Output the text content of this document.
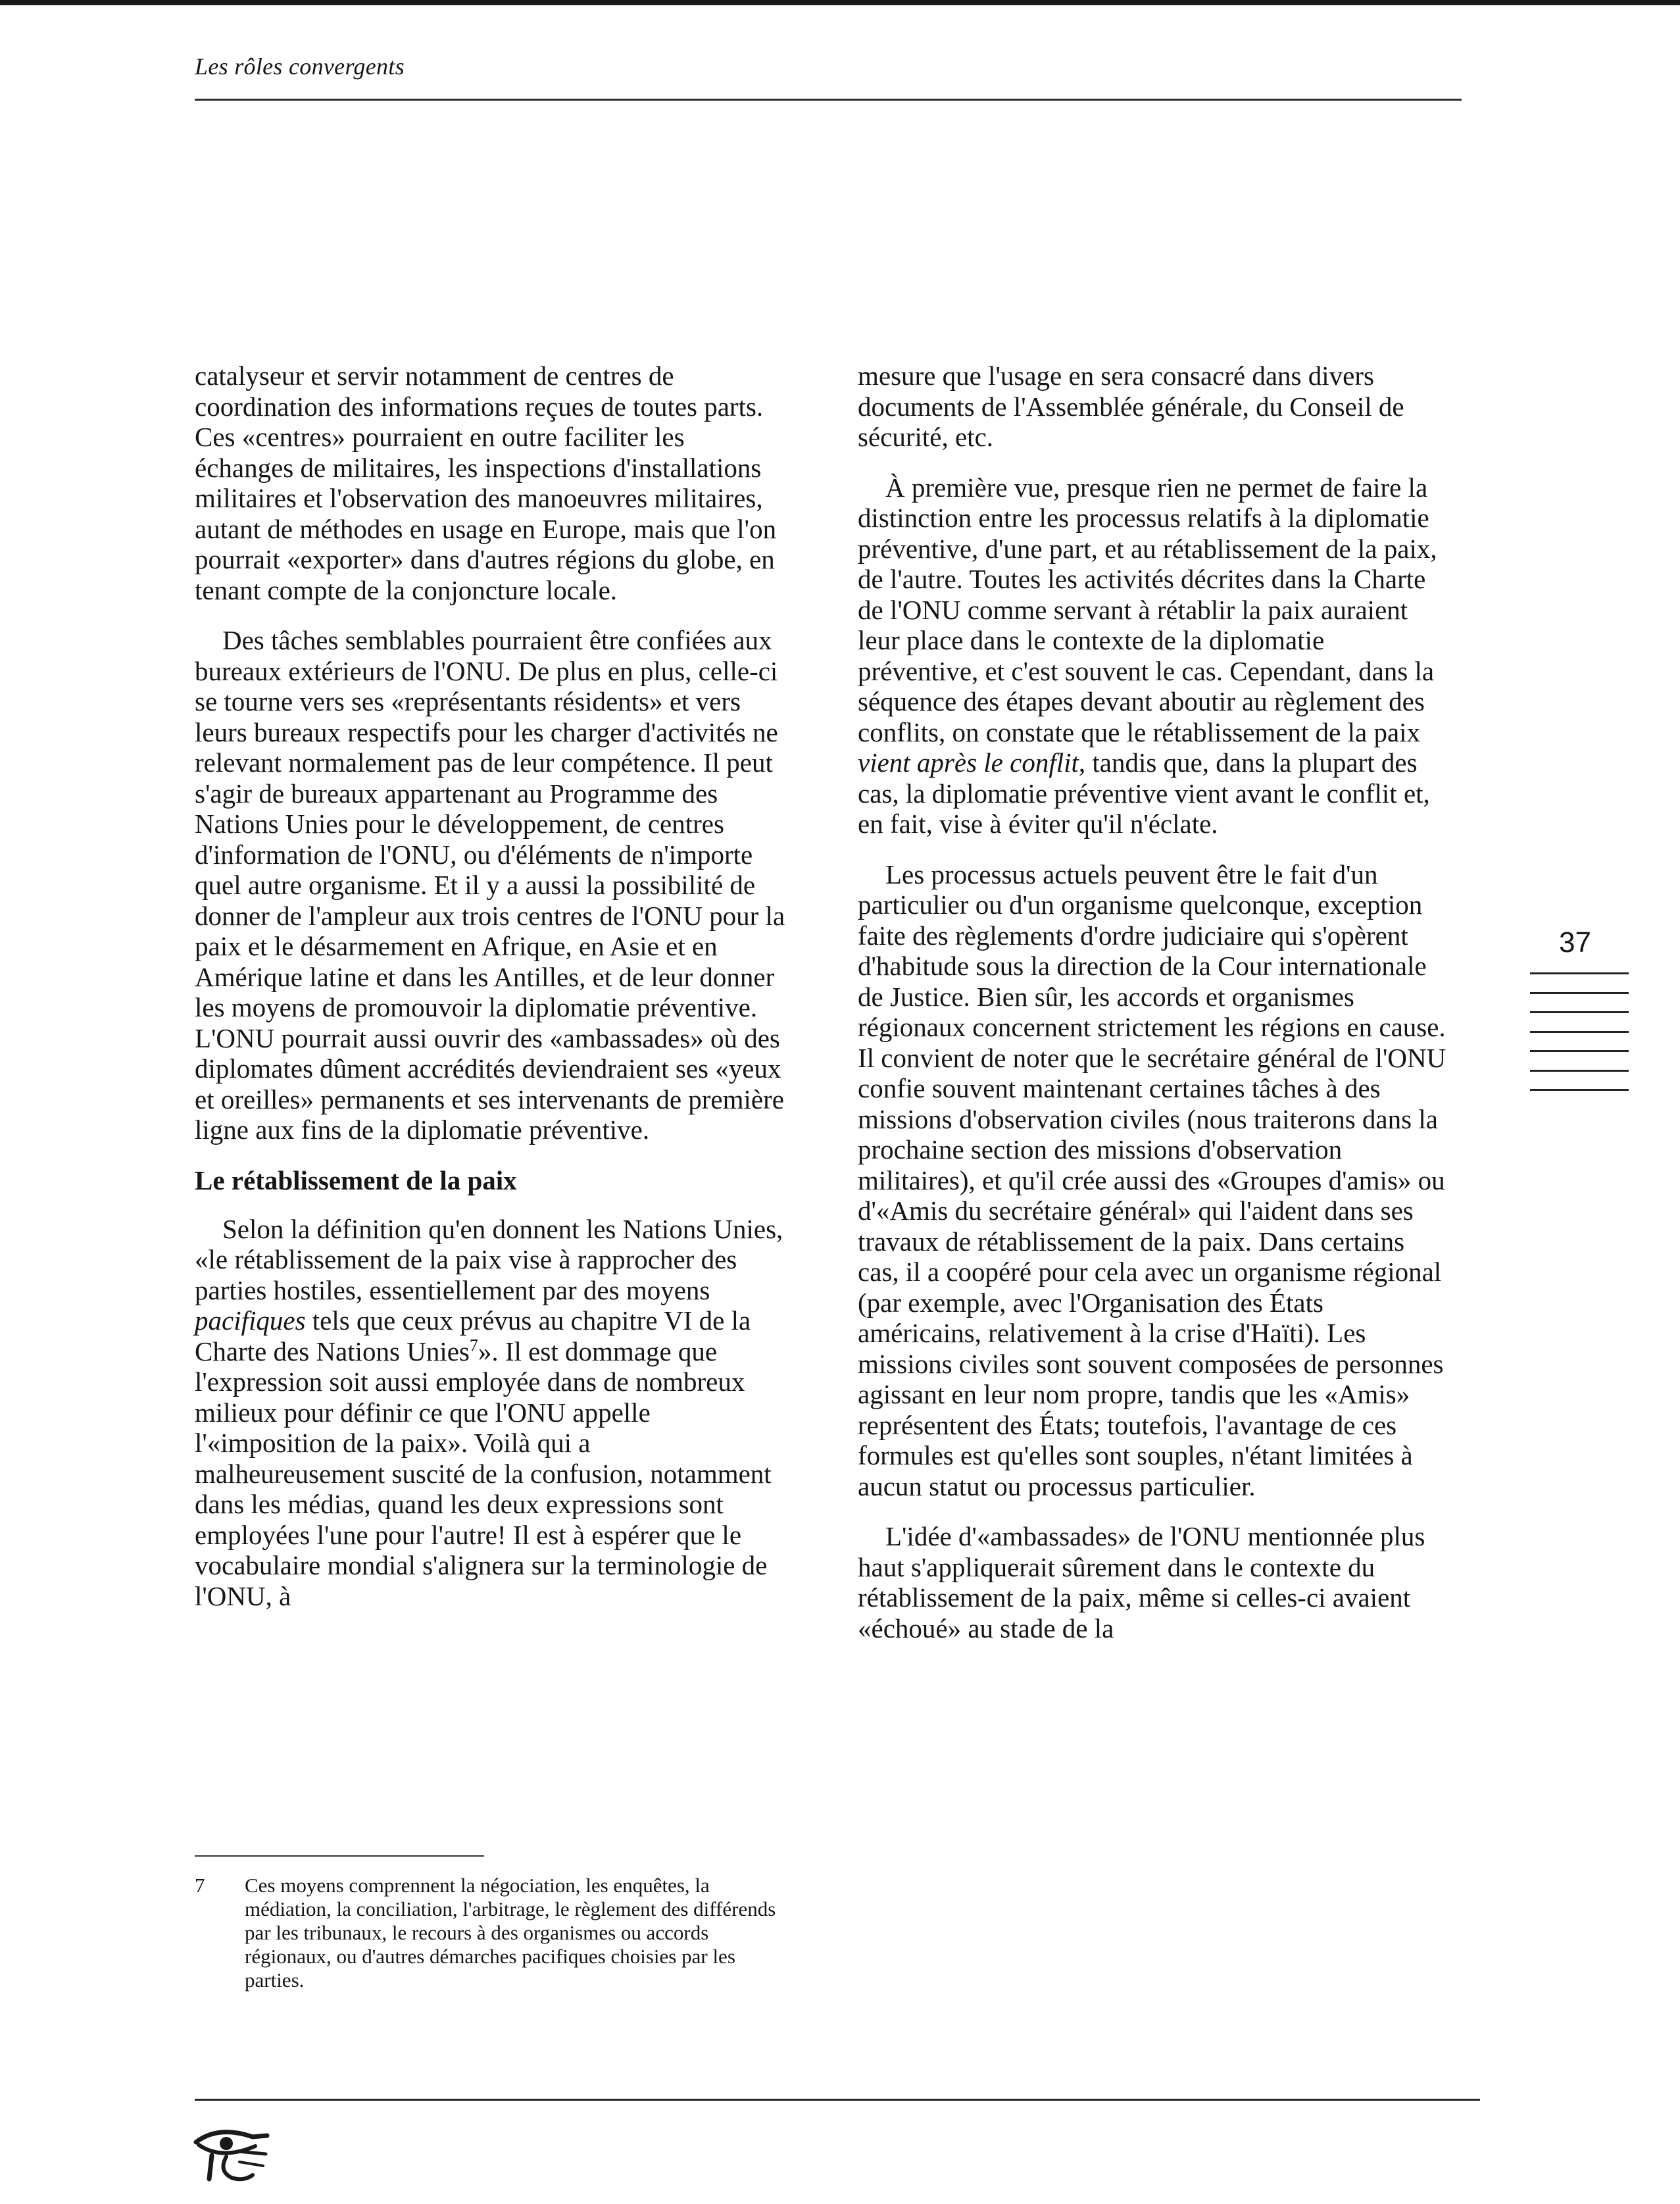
Les rôles convergents

catalyseur et servir notamment de centres de coordination des informations reçues de toutes parts. Ces «centres» pourraient en outre faciliter les échanges de militaires, les inspections d'installations militaires et l'observation des manoeuvres militaires, autant de méthodes en usage en Europe, mais que l'on pourrait «exporter» dans d'autres régions du globe, en tenant compte de la conjoncture locale.

Des tâches semblables pourraient être confiées aux bureaux extérieurs de l'ONU. De plus en plus, celle-ci se tourne vers ses «représentants résidents» et vers leurs bureaux respectifs pour les charger d'activités ne relevant normalement pas de leur compétence. Il peut s'agir de bureaux appartenant au Programme des Nations Unies pour le développement, de centres d'information de l'ONU, ou d'éléments de n'importe quel autre organisme. Et il y a aussi la possibilité de donner de l'ampleur aux trois centres de l'ONU pour la paix et le désarmement en Afrique, en Asie et en Amérique latine et dans les Antilles, et de leur donner les moyens de promouvoir la diplomatie préventive. L'ONU pourrait aussi ouvrir des «ambassades» où des diplomates dûment accrédités deviendraient ses «yeux et oreilles» permanents et ses intervenants de première ligne aux fins de la diplomatie préventive.

Le rétablissement de la paix

Selon la définition qu'en donnent les Nations Unies, «le rétablissement de la paix vise à rapprocher des parties hostiles, essentiellement par des moyens pacifiques tels que ceux prévus au chapitre VI de la Charte des Nations Unies$^7$». Il est dommage que l'expression soit aussi employée dans de nombreux milieux pour définir ce que l'ONU appelle l'«imposition de la paix». Voilà qui a malheureusement suscité de la confusion, notamment dans les médias, quand les deux expressions sont employées l'une pour l'autre! Il est à espérer que le vocabulaire mondial s'alignera sur la terminologie de l'ONU, à

mesure que l'usage en sera consacré dans divers documents de l'Assemblée générale, du Conseil de sécurité, etc.

À première vue, presque rien ne permet de faire la distinction entre les processus relatifs à la diplomatie préventive, d'une part, et au rétablissement de la paix, de l'autre. Toutes les activités décrites dans la Charte de l'ONU comme servant à rétablir la paix auraient leur place dans le contexte de la diplomatie préventive, et c'est souvent le cas. Cependant, dans la séquence des étapes devant aboutir au règlement des conflits, on constate que le rétablissement de la paix vient après le conflit, tandis que, dans la plupart des cas, la diplomatie préventive vient avant le conflit et, en fait, vise à éviter qu'il n'éclate.

Les processus actuels peuvent être le fait d'un particulier ou d'un organisme quelconque, exception faite des règlements d'ordre judiciaire qui s'opèrent d'habitude sous la direction de la Cour internationale de Justice. Bien sûr, les accords et organismes régionaux concernent strictement les régions en cause. Il convient de noter que le secrétaire général de l'ONU confie souvent maintenant certaines tâches à des missions d'observation civiles (nous traiterons dans la prochaine section des missions d'observation militaires), et qu'il crée aussi des «Groupes d'amis» ou d'«Amis du secrétaire général» qui l'aident dans ses travaux de rétablissement de la paix. Dans certains cas, il a coopéré pour cela avec un organisme régional (par exemple, avec l'Organisation des États américains, relativement à la crise d'Haïti). Les missions civiles sont souvent composées de personnes agissant en leur nom propre, tandis que les «Amis» représentent des États; toutefois, l'avantage de ces formules est qu'elles sont souples, n'étant limitées à aucun statut ou processus particulier.

L'idée d'«ambassades» de l'ONU mentionnée plus haut s'appliquerait sûrement dans le contexte du rétablissement de la paix, même si celles-ci avaient «échoué» au stade de la

37
7 Ces moyens comprennent la négociation, les enquêtes, la médiation, la conciliation, l'arbitrage, le règlement des différends par les tribunaux, le recours à des organismes ou accords régionaux, ou d'autres démarches pacifiques choisies par les parties.
